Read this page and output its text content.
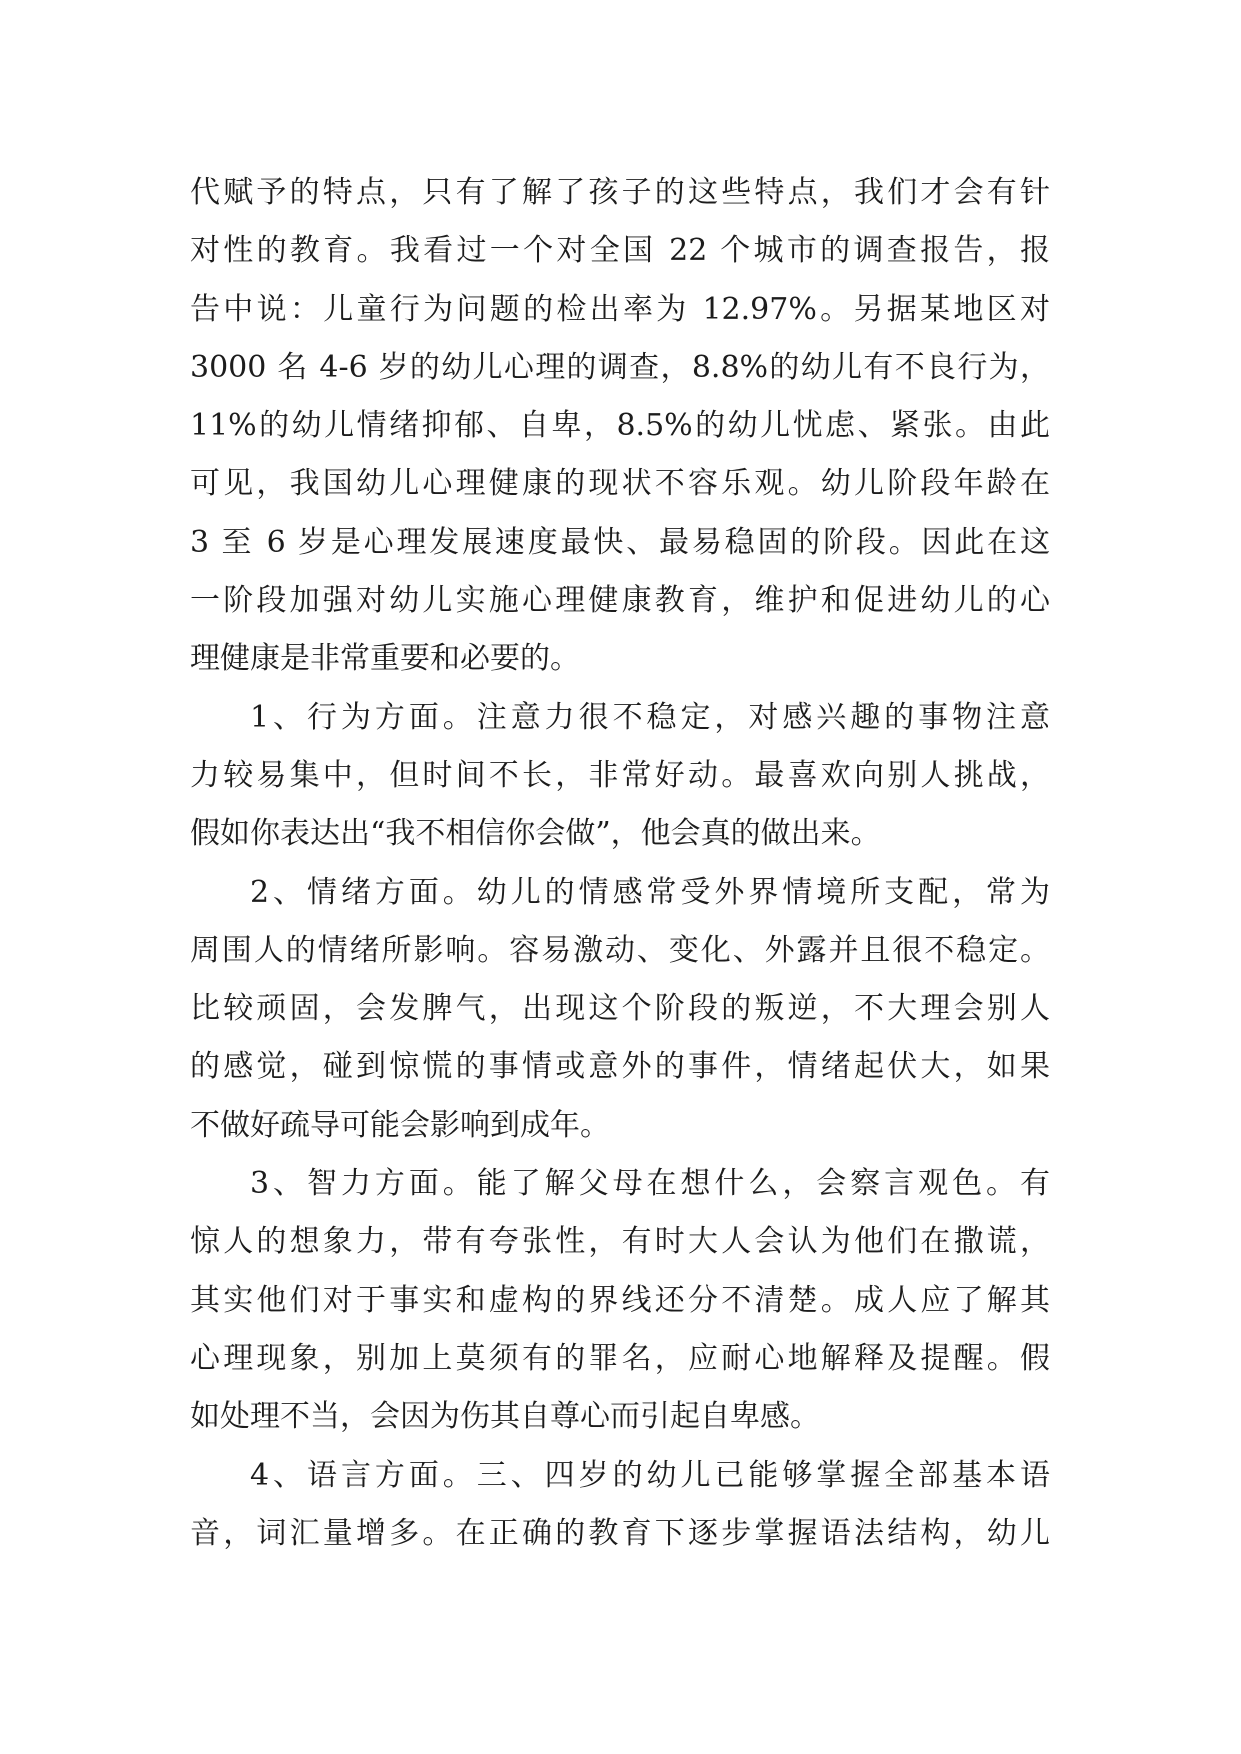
代赋予的特点，只有了解了孩子的这些特点，我们才会有针
对性的教育。我看过一个对全国 22 个城市的调查报告，报
告中说：儿童行为问题的检出率为 12.97%。另据某地区对
3000 名 4-6 岁的幼儿心理的调查，8.8%的幼儿有不良行为，
11%的幼儿情绪抑郁、自卑，8.5%的幼儿忧虑、紧张。由此
可见，我国幼儿心理健康的现状不容乐观。幼儿阶段年龄在
3 至 6 岁是心理发展速度最快、最易稳固的阶段。因此在这
一阶段加强对幼儿实施心理健康教育，维护和促进幼儿的心
理健康是非常重要和必要的。
1、行为方面。注意力很不稳定，对感兴趣的事物注意
力较易集中，但时间不长，非常好动。最喜欢向别人挑战，
假如你表达出“我不相信你会做”，他会真的做出来。
2、情绪方面。幼儿的情感常受外界情境所支配，常为
周围人的情绪所影响。容易激动、变化、外露并且很不稳定。
比较顽固，会发脾气，出现这个阶段的叛逆，不大理会别人
的感觉，碰到惊慌的事情或意外的事件，情绪起伏大，如果
不做好疏导可能会影响到成年。
3、智力方面。能了解父母在想什么，会察言观色。有
惊人的想象力，带有夸张性，有时大人会认为他们在撒谎，
其实他们对于事实和虚构的界线还分不清楚。成人应了解其
心理现象，别加上莫须有的罪名，应耐心地解释及提醒。假
如处理不当，会因为伤其自尊心而引起自卑感。
4、语言方面。三、四岁的幼儿已能够掌握全部基本语
音，词汇量增多。在正确的教育下逐步掌握语法结构，幼儿
